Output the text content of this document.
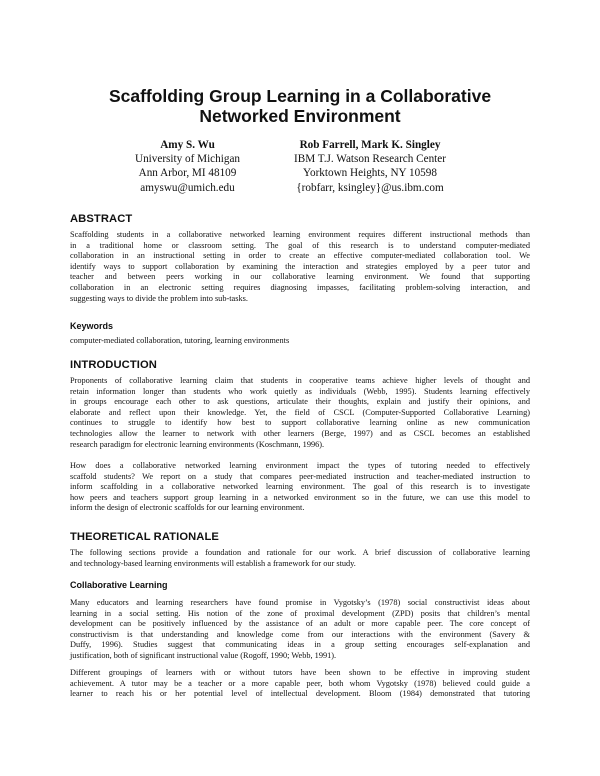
Scaffolding Group Learning in a Collaborative
Networked Environment
Amy S. Wu
University of Michigan
Ann Arbor, MI 48109
amyswu@umich.edu
Rob Farrell, Mark K. Singley
IBM T.J. Watson Research Center
Yorktown Heights, NY 10598
{robfarr, ksingley}@us.ibm.com
ABSTRACT
Scaffolding students in a collaborative networked learning environment requires different instructional methods than
in a traditional home or classroom setting. The goal of this research is to understand computer-mediated
collaboration in an instructional setting in order to create an effective computer-mediated collaboration tool. We
identify ways to support collaboration by examining the interaction and strategies employed by a peer tutor and
teacher and between peers working in our collaborative learning environment. We found that supporting
collaboration in an electronic setting requires diagnosing impasses, facilitating problem-solving interaction, and
suggesting ways to divide the problem into sub-tasks.
Keywords
computer-mediated collaboration, tutoring, learning environments
INTRODUCTION
Proponents of collaborative learning claim that students in cooperative teams achieve higher levels of thought and
retain information longer than students who work quietly as individuals (Webb, 1995). Students learning effectively
in groups encourage each other to ask questions, articulate their thoughts, explain and justify their opinions, and
elaborate and reflect upon their knowledge. Yet, the field of CSCL (Computer-Supported Collaborative Learning)
continues to struggle to identify how best to support collaborative learning online as new communication
technologies allow the learner to network with other learners (Berge, 1997) and as CSCL becomes an established
research paradigm for electronic learning environments (Koschmann, 1996).
How does a collaborative networked learning environment impact the types of tutoring needed to effectively
scaffold students? We report on a study that compares peer-mediated instruction and teacher-mediated instruction to
inform scaffolding in a collaborative networked learning environment. The goal of this research is to investigate
how peers and teachers support group learning in a networked environment so in the future, we can use this model to
inform the design of electronic scaffolds for our learning environment.
THEORETICAL RATIONALE
The following sections provide a foundation and rationale for our work. A brief discussion of collaborative learning
and technology-based learning environments will establish a framework for our study.
Collaborative Learning
Many educators and learning researchers have found promise in Vygotsky’s (1978) social constructivist ideas about
learning in a social setting. His notion of the zone of proximal development (ZPD) posits that children’s mental
development can be positively influenced by the assistance of an adult or more capable peer. The core concept of
constructivism is that understanding and knowledge come from our interactions with the environment (Savery &
Duffy, 1996). Studies suggest that communicating ideas in a group setting encourages self-explanation and
justification, both of significant instructional value (Rogoff, 1990; Webb, 1991).
Different groupings of learners with or without tutors have been shown to be effective in improving student
achievement. A tutor may be a teacher or a more capable peer, both whom Vygotsky (1978) believed could guide a
learner to reach his or her potential level of intellectual development. Bloom (1984) demonstrated that tutoring
